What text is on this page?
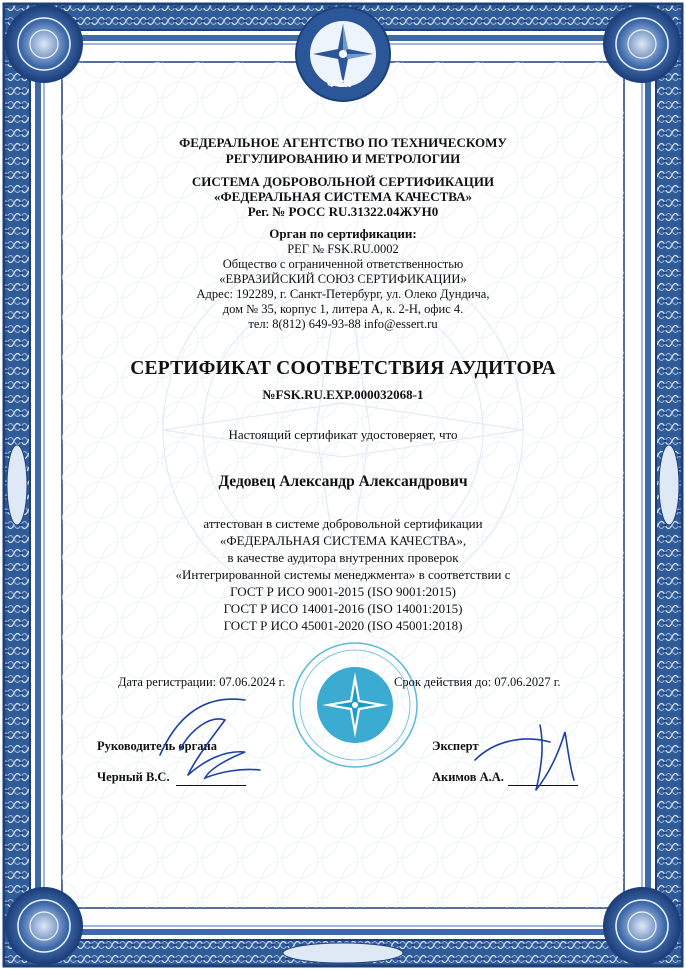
ФСК
ФЕДЕРАЛЬНОЕ АГЕНТСТВО ПО ТЕХНИЧЕСКОМУ
РЕГУЛИРОВАНИЮ И МЕТРОЛОГИИ
СИСТЕМА ДОБРОВОЛЬНОЙ СЕРТИФИКАЦИИ
«ФЕДЕРАЛЬНАЯ СИСТЕМА КАЧЕСТВА»
Рег. № РОСС RU.31322.04ЖУН0
Орган по сертификации:
РЕГ № FSK.RU.0002
Общество с ограниченной ответственностью
«ЕВРАЗИЙСКИЙ СОЮЗ СЕРТИФИКАЦИИ»
Адрес: 192289, г. Санкт-Петербург, ул. Олеко Дундича,
дом № 35, корпус 1, литера А, к. 2-Н, офис 4.
тел: 8(812) 649-93-88 info@essert.ru
СЕРТИФИКАТ СООТВЕТСТВИЯ АУДИТОРА
№FSK.RU.EXP.000032068-1
Настоящий сертификат удостоверяет, что
Дедовец Александр Александрович
аттестован в системе добровольной сертификации
«ФЕДЕРАЛЬНАЯ СИСТЕМА КАЧЕСТВА»,
в качестве аудитора внутренних проверок
«Интегрированной системы менеджмента» в соответствии с
ГОСТ Р ИСО 9001-2015 (ISO 9001:2015)
ГОСТ Р ИСО 14001-2016 (ISO 14001:2015)
ГОСТ Р ИСО 45001-2020 (ISO 45001:2018)
Дата регистрации: 07.06.2024 г.	Срок действия до: 07.06.2027 г.
Руководитель органа
Черный В.С.
Эксперт
Акимов А.А.
